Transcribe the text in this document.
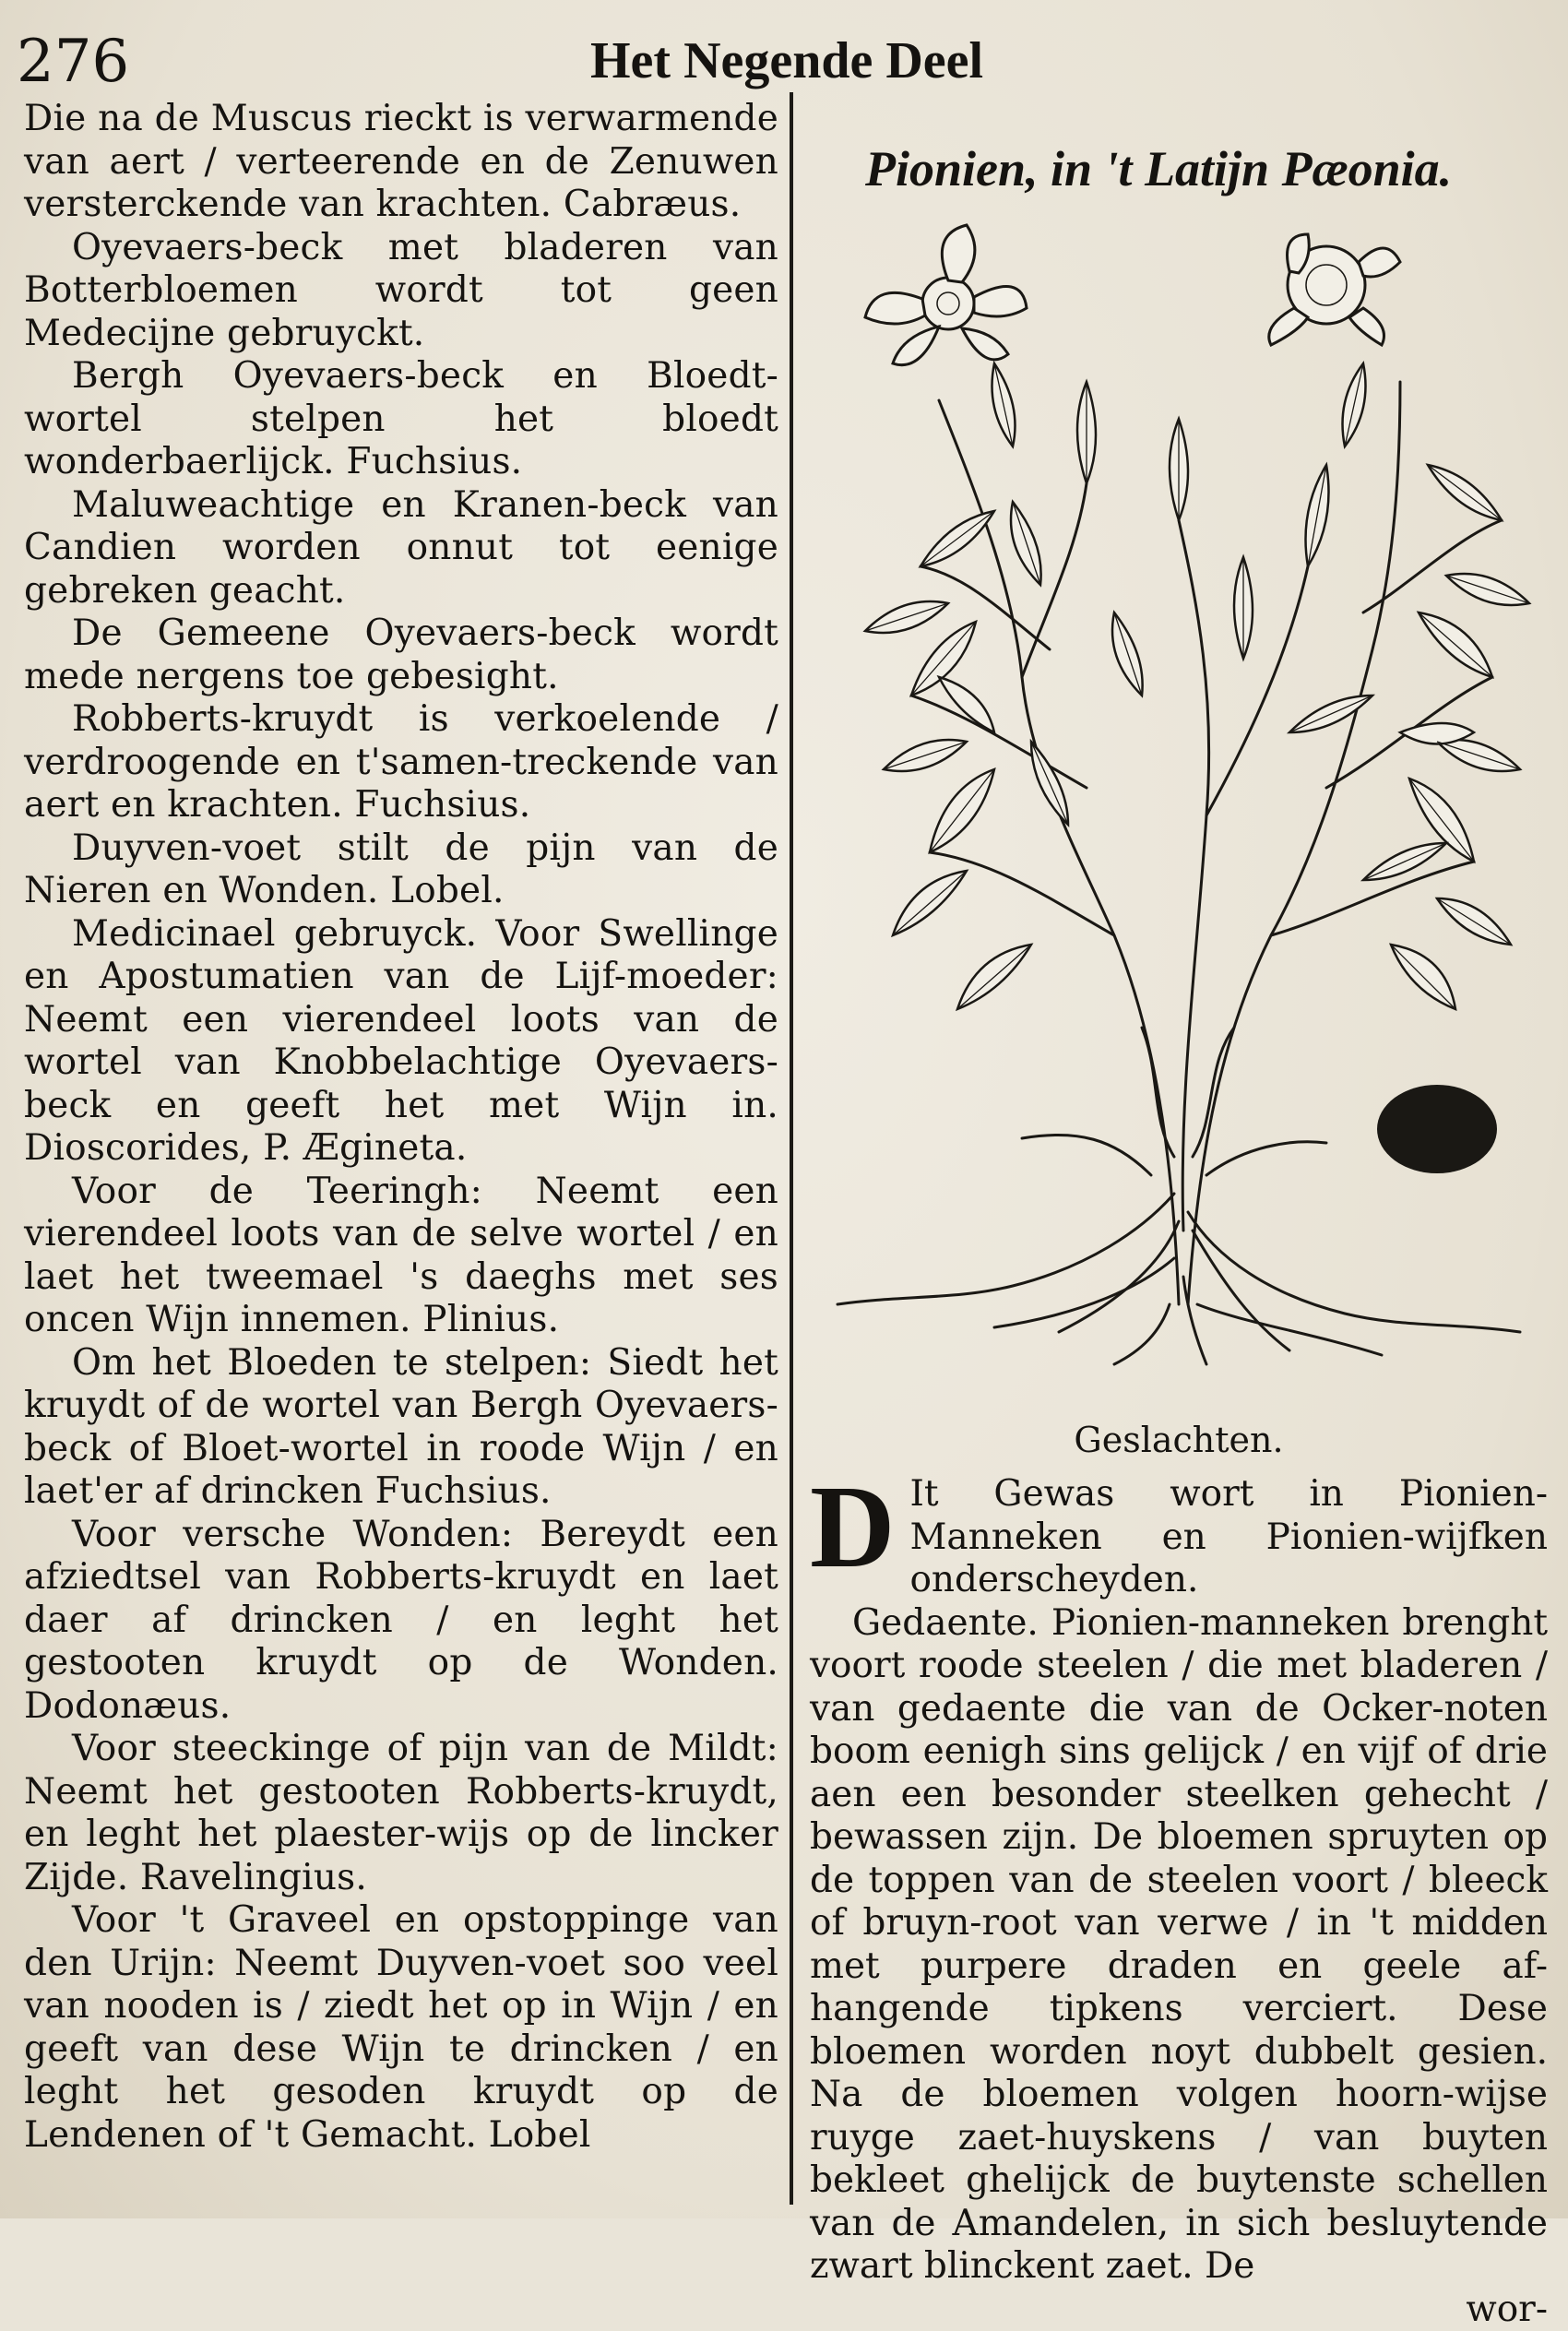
276	Het Negende Deel

Die na de Muscus rieckt is verwarmende van aert / verteerende en de Zenuwen versterckende van krachten. Cabræus.

Oyevaers-beck met bladeren van Botterbloemen wordt tot geen Medecijne gebruyckt.

Bergh Oyevaers-beck en Bloedt-wortel stelpen het bloedt wonderbaerlijck. Fuchsius.

Maluweachtige en Kranen-beck van Candien worden onnut tot eenige gebreken geacht.

De Gemeene Oyevaers-beck wordt mede nergens toe gebesight.

Robberts-kruydt is verkoelende / verdroogende en t'samen-treckende van aert en krachten. Fuchsius.

Duyven-voet stilt de pijn van de Nieren en Wonden. Lobel.

Medicinael gebruyck. Voor Swellinge en Apostumatien van de Lijf-moeder: Neemt een vierendeel loots van de wortel van Knobbelachtige Oyevaers-beck en geeft het met Wijn in. Dioscorides, P. Ægineta.

Voor de Teeringh: Neemt een vierendeel loots van de selve wortel / en laet het tweemael 's daeghs met ses oncen Wijn innemen. Plinius.

Om het Bloeden te stelpen: Siedt het kruydt of de wortel van Bergh Oyevaers-beck of Bloet-wortel in roode Wijn / en laet'er af drincken Fuchsius.

Voor versche Wonden: Bereydt een afziedtsel van Robberts-kruydt en laet daer af drincken / en leght het gestooten kruydt op de Wonden. Dodonæus.

Voor steeckinge of pijn van de Mildt: Neemt het gestooten Robberts-kruydt, en leght het plaester-wijs op de lincker Zijde. Ravelingius.

Voor 't Graveel en opstoppinge van den Urijn: Neemt Duyven-voet soo veel van nooden is / ziedt het op in Wijn / en geeft van dese Wijn te drincken / en leght het gesoden kruydt op de Lendenen of 't Gemacht. Lobel

Pionien, in 't Latijn Pæonia.
Geslachten.
D It Gewas wort in Pionien-Manneken en Pionien-wijfken onderscheyden.

Gedaente. Pionien-manneken brenght voort roode steelen / die met bladeren / van gedaente die van de Ocker-noten boom eenigh sins gelijck / en vijf of drie aen een besonder steelken gehecht / bewassen zijn. De bloemen spruyten op de toppen van de steelen voort / bleeck of bruyn-root van verwe / in 't midden met purpere draden en geele af-hangende tipkens verciert. Dese bloemen worden noyt dubbelt gesien. Na de bloemen volgen hoorn-wijse ruyge zaet-huyskens / van buyten bekleet ghelijck de buytenste schellen van de Amandelen, in sich besluytende zwart blinckent zaet. De

wor-
